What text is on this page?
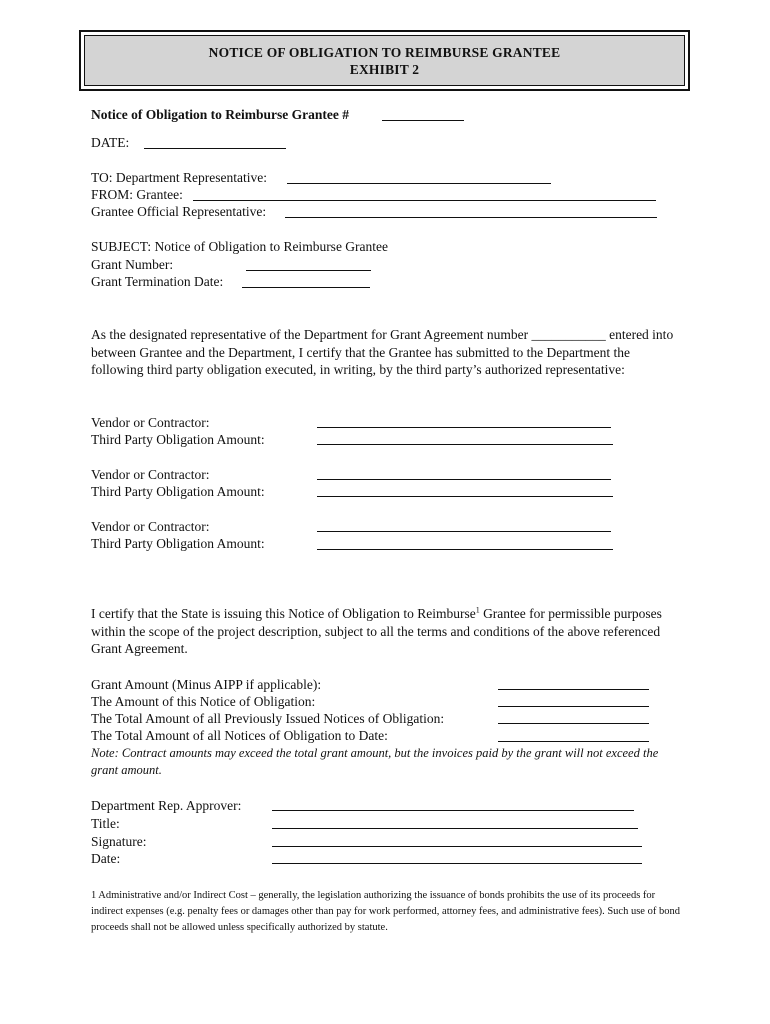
NOTICE OF OBLIGATION TO REIMBURSE GRANTEE
EXHIBIT 2
Notice of Obligation to Reimburse Grantee #
DATE:
TO: Department Representative:
FROM: Grantee:
Grantee Official Representative:
SUBJECT: Notice of Obligation to Reimburse Grantee
Grant Number:
Grant Termination Date:
As the designated representative of the Department for Grant Agreement number ___________ entered into between Grantee and the Department, I certify that the Grantee has submitted to the Department the following third party obligation executed, in writing, by the third party’s authorized representative:
Vendor or Contractor:
Third Party Obligation Amount:
Vendor or Contractor:
Third Party Obligation Amount:
Vendor or Contractor:
Third Party Obligation Amount:
I certify that the State is issuing this Notice of Obligation to Reimburse$^1$ Grantee for permissible purposes within the scope of the project description, subject to all the terms and conditions of the above referenced Grant Agreement.
Grant Amount (Minus AIPP if applicable):
The Amount of this Notice of Obligation:
The Total Amount of all Previously Issued Notices of Obligation:
The Total Amount of all Notices of Obligation to Date:
Note: Contract amounts may exceed the total grant amount, but the invoices paid by the grant will not exceed the grant amount.
Department Rep. Approver:
Title:
Signature:
Date:
1 Administrative and/or Indirect Cost – generally, the legislation authorizing the issuance of bonds prohibits the use of its proceeds for indirect expenses (e.g. penalty fees or damages other than pay for work performed, attorney fees, and administrative fees). Such use of bond proceeds shall not be allowed unless specifically authorized by statute.
